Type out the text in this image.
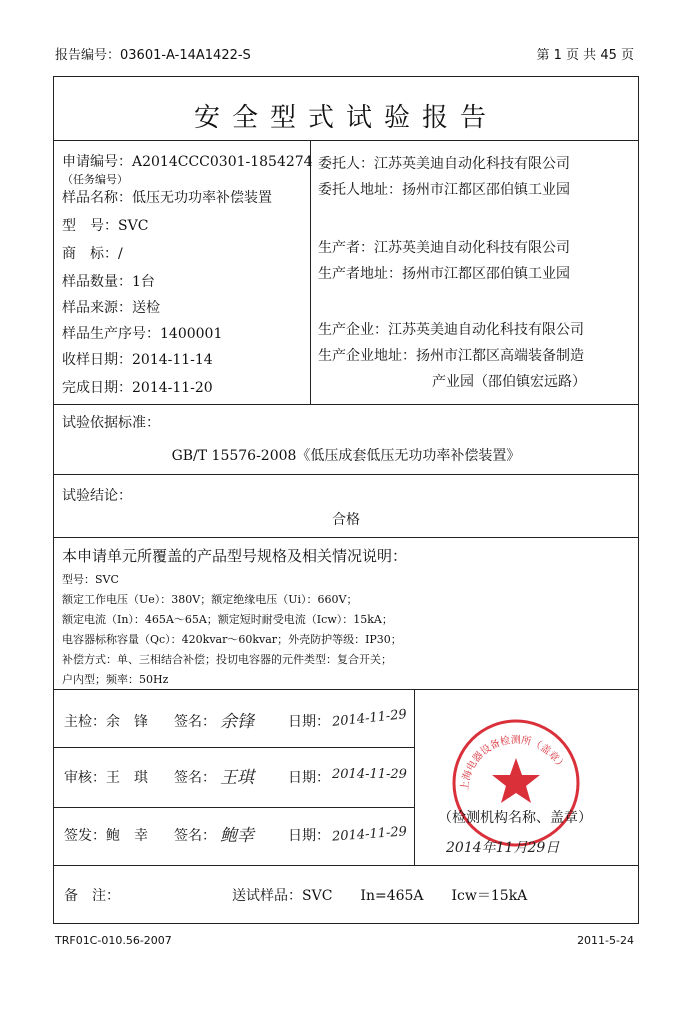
报告编号：03601-A-14A1422-S	第 1 页 共 45 页
安全型式试验报告
申请编号：A2014CCC0301-1854274
（任务编号）
样品名称：低压无功功率补偿装置
型　号：SVC
商　标：/
样品数量：1台
样品来源：送检
样品生产序号：1400001
收样日期：2014-11-14
完成日期：2014-11-20
委托人：江苏英美迪自动化科技有限公司
委托人地址：扬州市江都区邵伯镇工业园
生产者：江苏英美迪自动化科技有限公司
生产者地址：扬州市江都区邵伯镇工业园
生产企业：江苏英美迪自动化科技有限公司
生产企业地址：扬州市江都区高端装备制造
产业园（邵伯镇宏远路）
试验依据标准：
GB/T 15576-2008《低压成套低压无功功率补偿装置》
试验结论：
合格
本申请单元所覆盖的产品型号规格及相关情况说明：
型号：SVC
额定工作电压（Ue）：380V；额定绝缘电压（Ui）：660V；
额定电流（In）：465A～65A；额定短时耐受电流（Icw）：15kA；
电容器标称容量（Qc）：420kvar～60kvar；外壳防护等级：IP30；
补偿方式：单、三相结合补偿；投切电容器的元件类型：复合开关；
户内型；频率：50Hz
主检：余　锋 签名： 余锋 日期： 2014-11-29
审核：王　琪 签名： 王琪 日期： 2014-11-29
签发：鲍　幸 签名： 鲍幸 日期： 2014-11-29
上海电器设备检测所（盖章）
（检测机构名称、盖章）
2014年11月29日
备　注：	送试样品：SVC　　In=465A　　Icw＝15kA
TRF01C-010.56-2007	2011-5-24
